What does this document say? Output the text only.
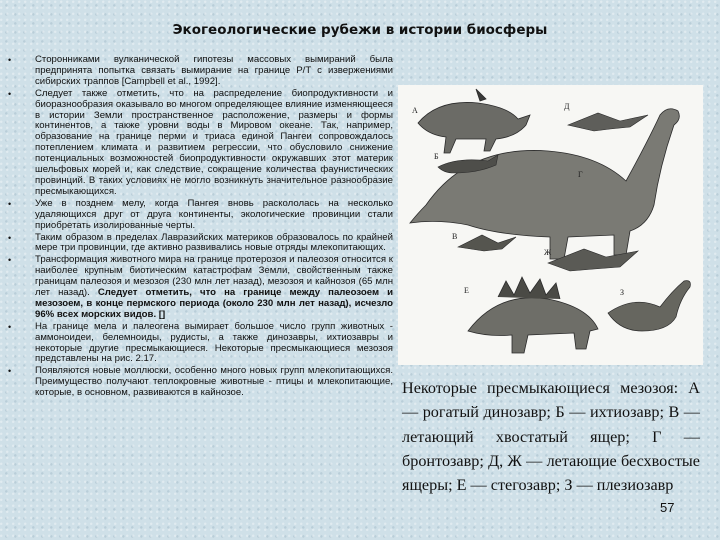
Экогеологические рубежи в истории биосферы
• Сторонниками вулканической гипотезы массовых вымираний была предпринята попытка связать вымирание на границе P/T с извержениями сибирских траппов [Campbell et al., 1992].
• Следует также отметить, что на распределение биопродуктивности и биоразнообразия оказывало во многом определяющее влияние изменяющееся в истории Земли пространственное расположение, размеры и формы континентов, а также уровни воды в Мировом океане. Так, например, образование на границе перми и триаса единой Пангеи сопровождалось потеплением климата и развитием регрессии, что обусловило снижение потенциальных возможностей биопродуктивности окружавших этот материк шельфовых морей и, как следствие, сокращение количества фаунистических провинций. В таких условиях не могло возникнуть значительное разнообразие пресмыкающихся.
• Уже в позднем мелу, когда Пангея вновь раскололась на несколько удаляющихся друг от друга континенты, экологические провинции стали приобретать изолированные черты.
• Таким образом в пределах Лавразийских материков образовалось по крайней мере три провинции, где активно развивались новые отряды млекопитающих.
• Трансформация животного мира на границе протерозоя и палеозоя относится к наиболее крупным биотическим катастрофам Земли, свойственным также границам палеозоя и мезозоя (230 млн лет назад), мезозоя и кайнозоя (65 млн лет назад). Следует отметить, что на границе между палеозоем и мезозоем, в конце пермского периода (около 230 млн лет назад), исчезло 96% всех морских видов. []
• На границе мела и палеогена вымирает большое число групп животных - аммоноидеи, белемноиды, рудисты, а также динозавры, ихтиозавры и некоторые другие пресмыкающиеся. Некоторые пресмыкающиеся мезозоя представлены на рис. 2.17.
• Появляются новые моллюски, особенно много новых групп млекопитающихся. Преимущество получают теплокровные животные - птицы и млекопитающие, которые, в основном, развиваются в кайнозое.
А	Д
Г
Б
В
Ж
Е	З
Некоторые пресмыкающиеся мезозоя: А — рогатый динозавр; Б — ихтиозавр; В — летающий хвостатый ящер; Г — бронтозавр; Д, Ж — летающие бесхвостые ящеры; Е — стегозавр; З — плезиозавр
57
